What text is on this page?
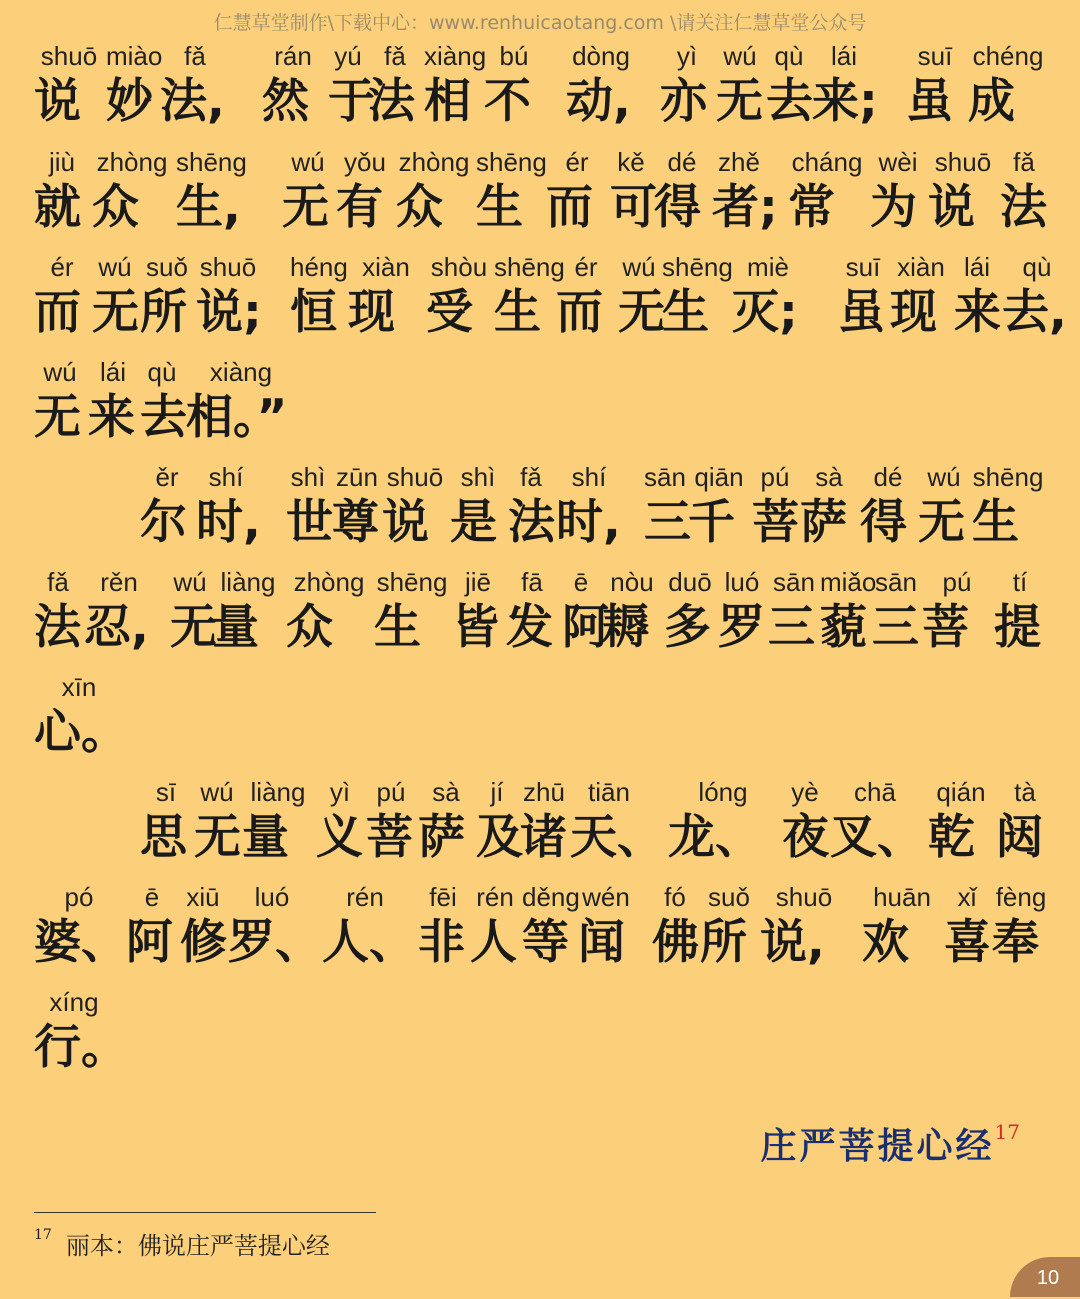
仁慧草堂制作\下载中心：www.renhuicaotang.com \请关注仁慧草堂公众号
shuō
说
miào
妙
fǎ
法,
rán
然
yú
于
fǎ
法
xiàng
相
bú
不
dòng
动,
yì
亦
wú
无
qù
去
lái
来;
suī
虽
chéng
成
jiù
就
zhòng
众
shēng
生,
wú
无
yǒu
有
zhòng
众
shēng
生
ér
而
kě
可
dé
得
zhě
者;
cháng
常
wèi
为
shuō
说
fǎ
法
ér
而
wú
无
suǒ
所
shuō
说;
héng
恒
xiàn
现
shòu
受
shēng
生
ér
而
wú
无
shēng
生
miè
灭;
suī
虽
xiàn
现
lái
来
qù
去,
wú
无
lái
来
qù
去
xiàng
相。”
ěr
尔
shí
时,
shì
世
zūn
尊
shuō
说
shì
是
fǎ
法
shí
时,
sān
三
qiān
千
pú
菩
sà
萨
dé
得
wú
无
shēng
生
fǎ
法
rěn
忍,
wú
无
liàng
量
zhòng
众
shēng
生
jiē
皆
fā
发
ē
阿
nòu
耨
duō
多
luó
罗
sān
三
miǎo
藐
sān
三
pú
菩
tí
提
xīn
心。
sī
思
wú
无
liàng
量
yì
义
pú
菩
sà
萨
jí
及
zhū
诸
tiān
天、
lóng
龙、
yè
夜
chā
叉、
qián
乾
tà
闼
pó
婆、
ē
阿
xiū
修
luó
罗、
rén
人、
fēi
非
rén
人
děng
等
wén
闻
fó
佛
suǒ
所
shuō
说,
huān
欢
xǐ
喜
fèng
奉
xíng
行。
庄严菩提心经$^{17}$
$^{17}$ 丽本：佛说庄严菩提心经
10
